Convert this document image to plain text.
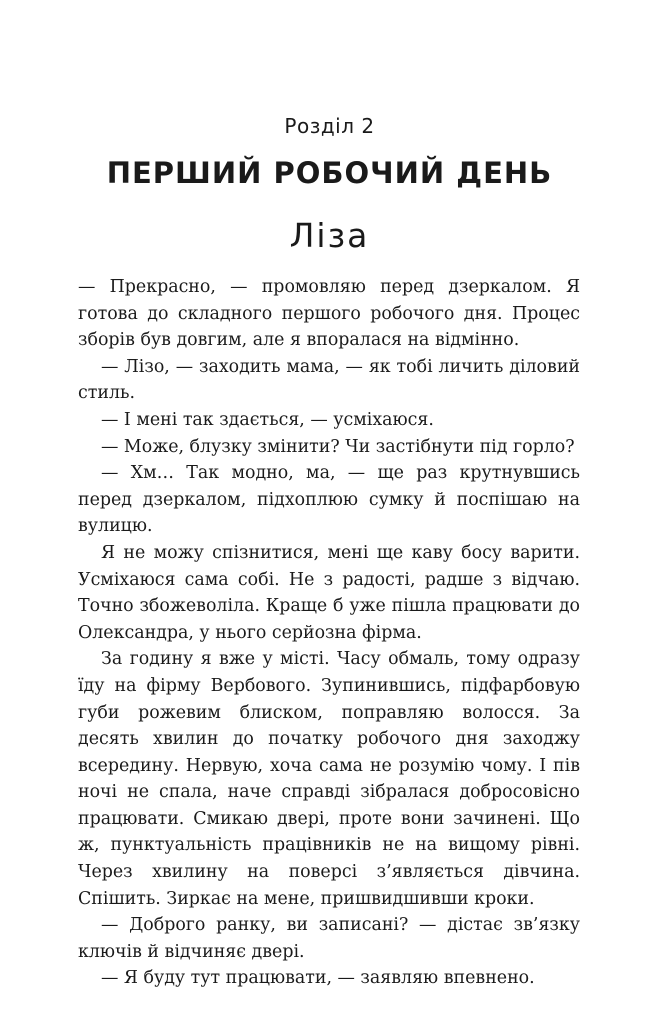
Розділ 2
ПЕРШИЙ РОБОЧИЙ ДЕНЬ
Ліза

— Прекрасно, — промовляю перед дзеркалом. Я готова до складного першого робочого дня. Процес зборів був довгим, але я впоралася на відмінно.

— Лізо, — заходить мама, — як тобі личить діловий стиль.

— І мені так здається, — усміхаюся.

— Може, блузку змінити? Чи застібнути під горло?

— Хм… Так модно, ма, — ще раз крутнувшись перед дзеркалом, підхоплюю сумку й поспішаю на вулицю.

Я не можу спізнитися, мені ще каву босу варити. Усміхаюся сама собі. Не з радості, радше з відчаю. Точно збожеволіла. Краще б уже пішла працювати до Олександра, у нього серйозна фірма.

За годину я вже у місті. Часу обмаль, тому одразу їду на фірму Вербового. Зупинившись, підфарбовую губи рожевим блиском, поправляю волосся. За десять хвилин до початку робочого дня заходжу всередину. Нервую, хоча сама не розумію чому. І пів ночі не спала, наче справді зібралася добросовісно працювати. Смикаю двері, проте вони зачинені. Що ж, пунктуальність працівників не на вищому рівні. Через хвилину на поверсі з’являється дівчина. Спішить. Зиркає на мене, пришвидшивши кроки.

— Доброго ранку, ви записані? — дістає зв’язку ключів й відчиняє двері.

— Я буду тут працювати, — заявляю впевнено.
